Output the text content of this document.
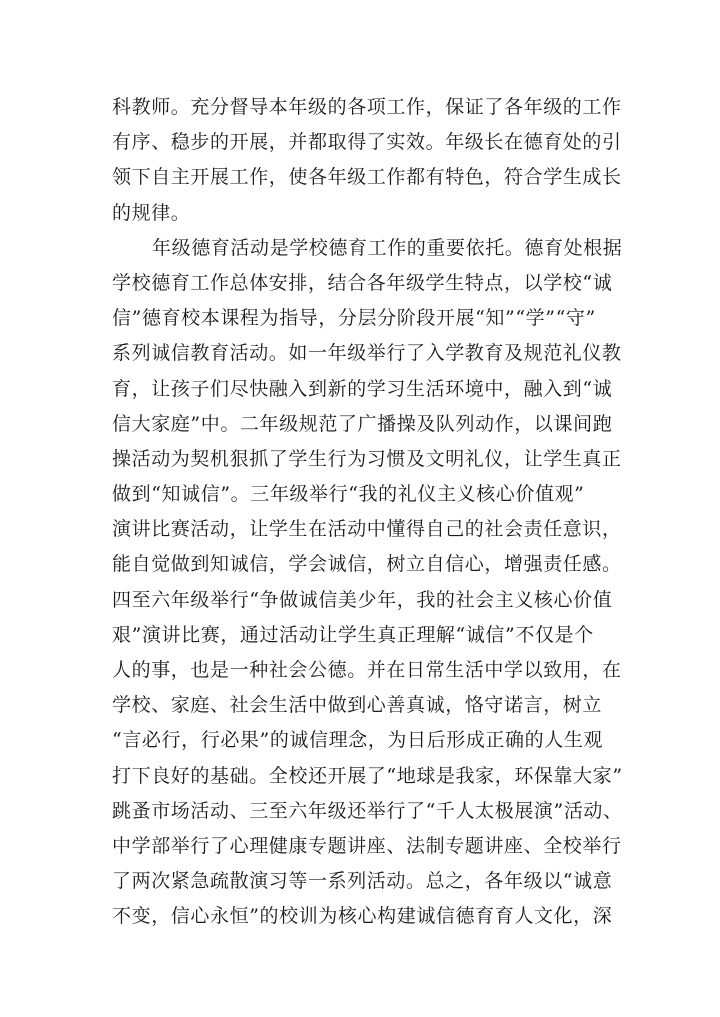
科教师。充分督导本年级的各项工作，保证了各年级的工作
有序、稳步的开展，并都取得了实效。年级长在德育处的引
领下自主开展工作，使各年级工作都有特色，符合学生成长
的规律。
年级德育活动是学校德育工作的重要依托。德育处根据
学校德育工作总体安排，结合各年级学生特点，以学校“诚
信”德育校本课程为指导，分层分阶段开展“知”“学”“守”
系列诚信教育活动。如一年级举行了入学教育及规范礼仪教
育，让孩子们尽快融入到新的学习生活环境中，融入到“诚
信大家庭”中。二年级规范了广播操及队列动作，以课间跑
操活动为契机狠抓了学生行为习惯及文明礼仪，让学生真正
做到“知诚信”。三年级举行“我的礼仪主义核心价值观”
演讲比赛活动，让学生在活动中懂得自己的社会责任意识，
能自觉做到知诚信，学会诚信，树立自信心，增强责任感。
四至六年级举行“争做诚信美少年，我的社会主义核心价值
艰”演讲比赛，通过活动让学生真正理解“诚信”不仅是个
人的事，也是一种社会公德。并在日常生活中学以致用，在
学校、家庭、社会生活中做到心善真诚，恪守诺言，树立
“言必行，行必果”的诚信理念，为日后形成正确的人生观
打下良好的基础。全校还开展了“地球是我家，环保靠大家”
跳蚤市场活动、三至六年级还举行了“千人太极展演”活动、
中学部举行了心理健康专题讲座、法制专题讲座、全校举行
了两次紧急疏散演习等一系列活动。总之，各年级以“诚意
不变，信心永恒”的校训为核心构建诚信德育育人文化，深
